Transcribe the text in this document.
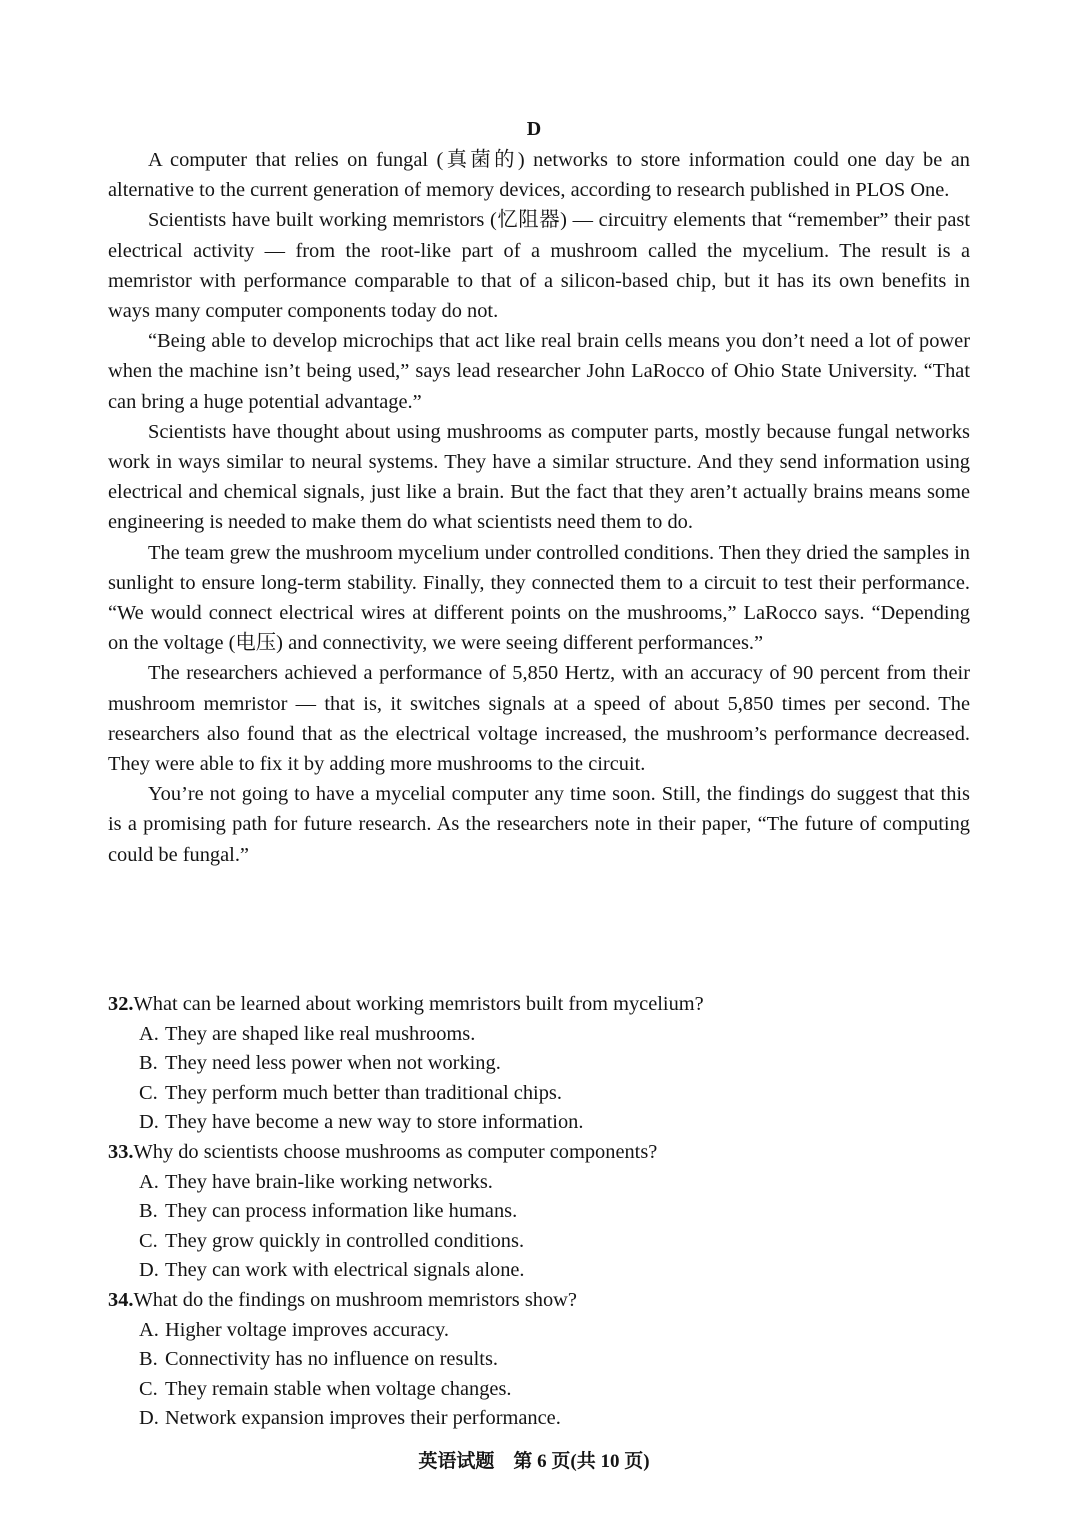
D

A computer that relies on fungal (真菌的) networks to store information could one day be an alternative to the current generation of memory devices, according to research published in PLOS One.

Scientists have built working memristors (忆阻器) — circuitry elements that “remember” their past electrical activity — from the root-like part of a mushroom called the mycelium. The result is a memristor with performance comparable to that of a silicon-based chip, but it has its own benefits in ways many computer components today do not.

“Being able to develop microchips that act like real brain cells means you don’t need a lot of power when the machine isn’t being used,” says lead researcher John LaRocco of Ohio State University. “That can bring a huge potential advantage.”

Scientists have thought about using mushrooms as computer parts, mostly because fungal networks work in ways similar to neural systems. They have a similar structure. And they send information using electrical and chemical signals, just like a brain. But the fact that they aren’t actually brains means some engineering is needed to make them do what scientists need them to do.

The team grew the mushroom mycelium under controlled conditions. Then they dried the samples in sunlight to ensure long-term stability. Finally, they connected them to a circuit to test their performance. “We would connect electrical wires at different points on the mushrooms,” LaRocco says. “Depending on the voltage (电压) and connectivity, we were seeing different performances.”

The researchers achieved a performance of 5,850 Hertz, with an accuracy of 90 percent from their mushroom memristor — that is, it switches signals at a speed of about 5,850 times per second. The researchers also found that as the electrical voltage increased, the mushroom’s performance decreased. They were able to fix it by adding more mushrooms to the circuit.

You’re not going to have a mycelial computer any time soon. Still, the findings do suggest that this is a promising path for future research. As the researchers note in their paper, “The future of computing could be fungal.”

32.What can be learned about working memristors built from mycelium?

A. They are shaped like real mushrooms.
B. They need less power when not working.
C. They perform much better than traditional chips.
D. They have become a new way to store information.

33.Why do scientists choose mushrooms as computer components?

A. They have brain-like working networks.
B. They can process information like humans.
C. They grow quickly in controlled conditions.
D. They can work with electrical signals alone.

34.What do the findings on mushroom memristors show?

A. Higher voltage improves accuracy.
B. Connectivity has no influence on results.
C. They remain stable when voltage changes.
D. Network expansion improves their performance.
英语试题　第 6 页(共 10 页)
